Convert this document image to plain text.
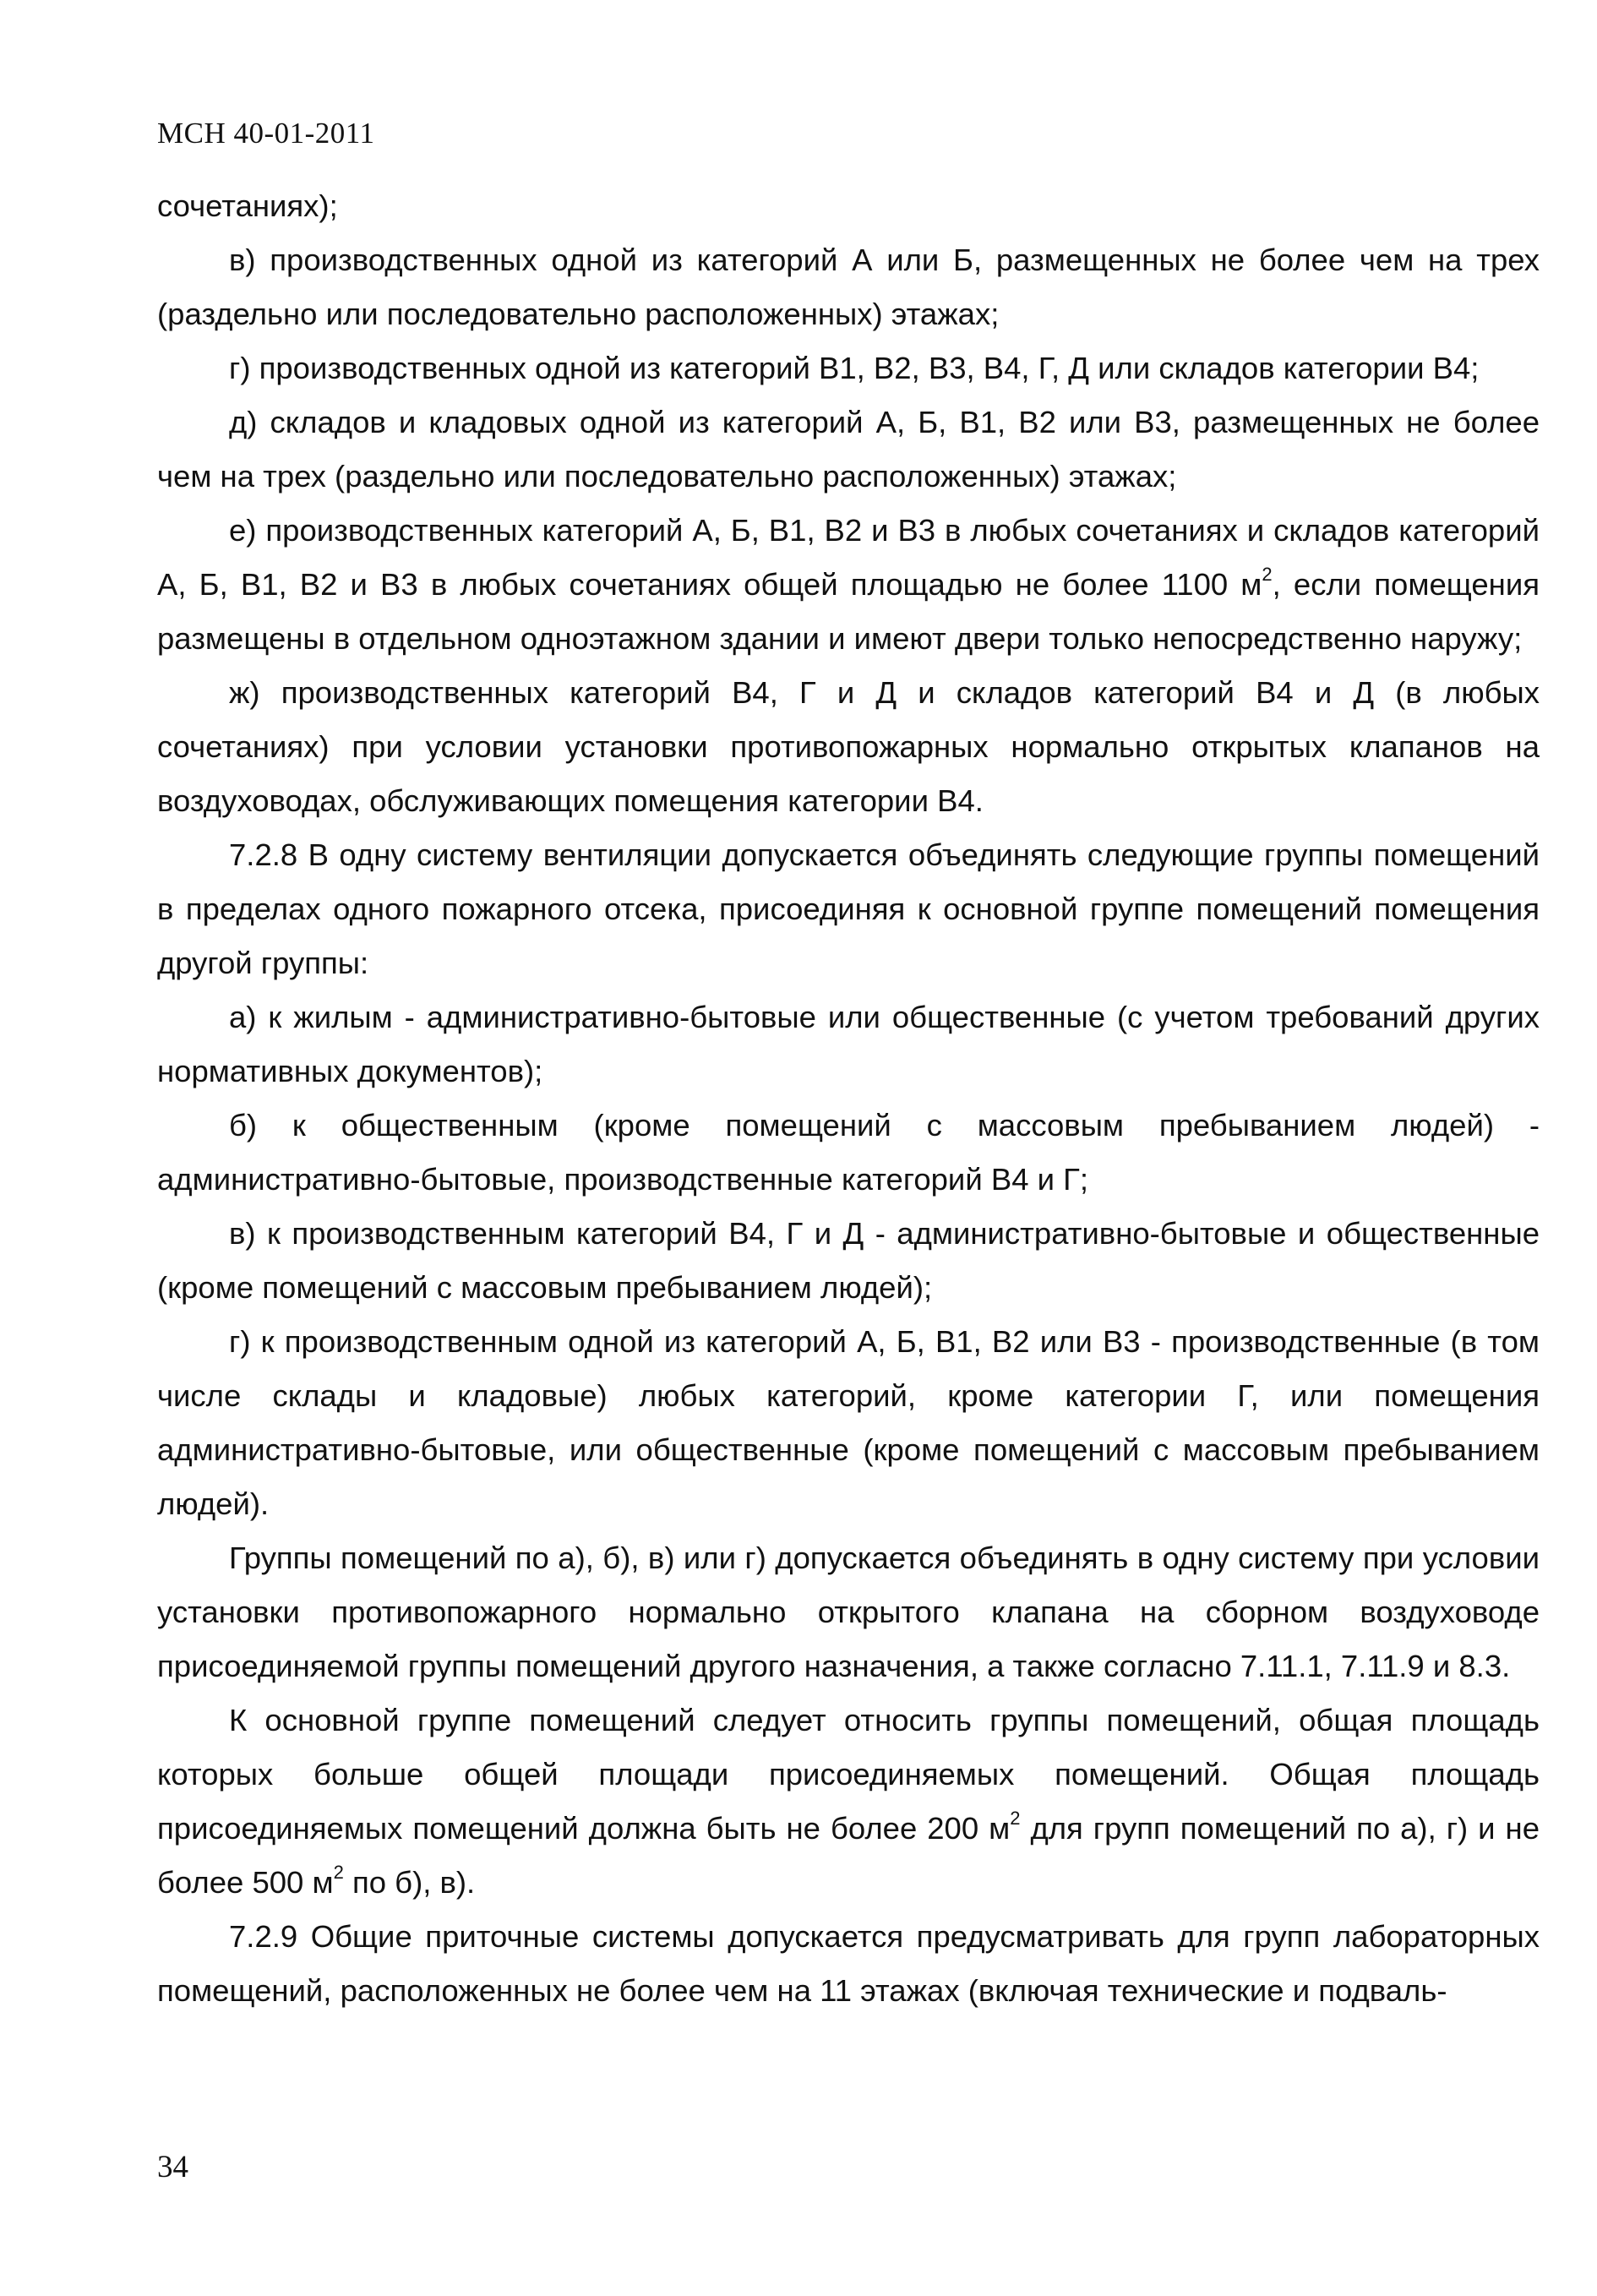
МСН 40-01-2011

сочетаниях);

в) производственных одной из категорий А или Б, размещенных не более чем на трех (раздельно или последовательно расположенных) этажах;

г) производственных одной из категорий В1, В2, В3, В4, Г, Д или складов категории В4;

д) складов и кладовых одной из категорий А, Б, В1, В2 или В3, размещенных не более чем на трех (раздельно или последовательно расположенных) этажах;

е) производственных категорий А, Б, В1, В2 и В3 в любых сочетаниях и складов категорий А, Б, В1, В2 и В3 в любых сочетаниях общей площадью не более 1100 $м^2$, если помещения размещены в отдельном одноэтажном здании и имеют двери только непосредственно наружу;

ж) производственных категорий В4, Г и Д и складов категорий В4 и Д (в любых сочетаниях) при условии установки противопожарных нормально открытых клапанов на воздуховодах, обслуживающих помещения категории В4.

7.2.8 В одну систему вентиляции допускается объединять следующие группы помещений в пределах одного пожарного отсека, присоединяя к основной группе помещений помещения другой группы:

а) к жилым - административно-бытовые или общественные (с учетом требований других нормативных документов);

б) к общественным (кроме помещений с массовым пребыванием людей) - административно-бытовые, производственные категорий В4 и Г;

в) к производственным категорий В4, Г и Д - административно-бытовые и общественные (кроме помещений с массовым пребыванием людей);

г) к производственным одной из категорий А, Б, В1, В2 или В3 - производственные (в том числе склады и кладовые) любых категорий, кроме категории Г, или помещения административно-бытовые, или общественные (кроме помещений с массовым пребыванием людей).

Группы помещений по а), б), в) или г) допускается объединять в одну систему при условии установки противопожарного нормально открытого клапана на сборном воздуховоде присоединяемой группы помещений другого назначения, а также согласно 7.11.1, 7.11.9 и 8.3.

К основной группе помещений следует относить группы помещений, общая площадь которых больше общей площади присоединяемых помещений. Общая площадь присоединяемых помещений должна быть не более 200 $м^2$ для групп помещений по а), г) и не более 500 $м^2$ по б), в).

7.2.9 Общие приточные системы допускается предусматривать для групп лабораторных помещений, расположенных не более чем на 11 этажах (включая технические и подваль-

34
